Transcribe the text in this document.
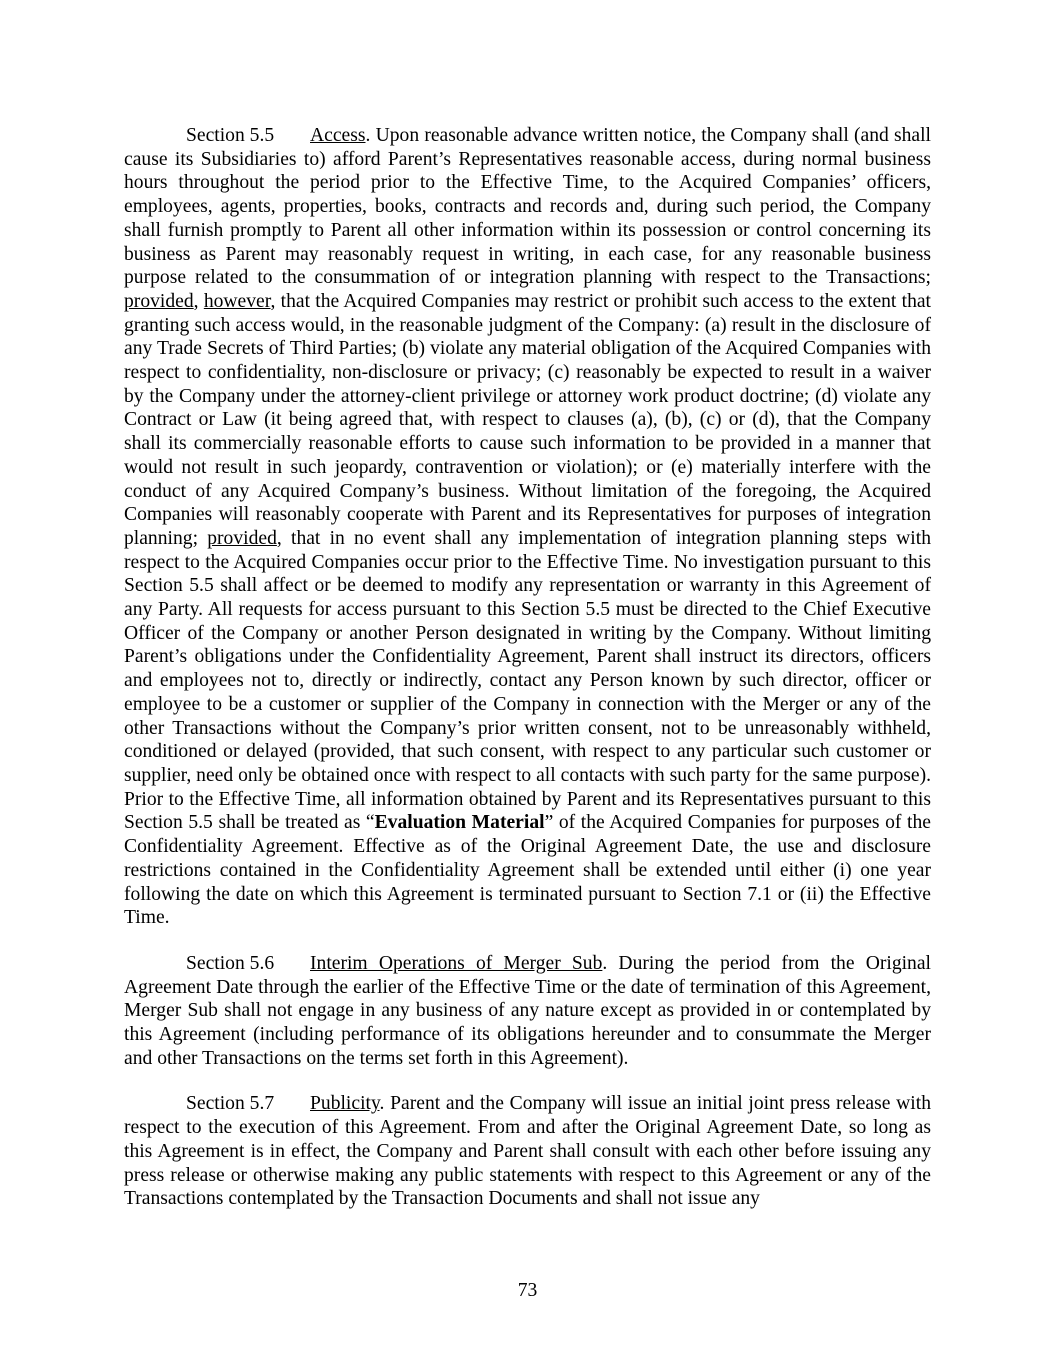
Section 5.5 Access. Upon reasonable advance written notice, the Company shall (and shall cause its Subsidiaries to) afford Parent’s Representatives reasonable access, during normal business hours throughout the period prior to the Effective Time, to the Acquired Companies’ officers, employees, agents, properties, books, contracts and records and, during such period, the Company shall furnish promptly to Parent all other information within its possession or control concerning its business as Parent may reasonably request in writing, in each case, for any reasonable business purpose related to the consummation of or integration planning with respect to the Transactions; provided, however, that the Acquired Companies may restrict or prohibit such access to the extent that granting such access would, in the reasonable judgment of the Company: (a) result in the disclosure of any Trade Secrets of Third Parties; (b) violate any material obligation of the Acquired Companies with respect to confidentiality, non-disclosure or privacy; (c) reasonably be expected to result in a waiver by the Company under the attorney-client privilege or attorney work product doctrine; (d) violate any Contract or Law (it being agreed that, with respect to clauses (a), (b), (c) or (d), that the Company shall its commercially reasonable efforts to cause such information to be provided in a manner that would not result in such jeopardy, contravention or violation); or (e) materially interfere with the conduct of any Acquired Company’s business. Without limitation of the foregoing, the Acquired Companies will reasonably cooperate with Parent and its Representatives for purposes of integration planning; provided, that in no event shall any implementation of integration planning steps with respect to the Acquired Companies occur prior to the Effective Time. No investigation pursuant to this Section 5.5 shall affect or be deemed to modify any representation or warranty in this Agreement of any Party. All requests for access pursuant to this Section 5.5 must be directed to the Chief Executive Officer of the Company or another Person designated in writing by the Company. Without limiting Parent’s obligations under the Confidentiality Agreement, Parent shall instruct its directors, officers and employees not to, directly or indirectly, contact any Person known by such director, officer or employee to be a customer or supplier of the Company in connection with the Merger or any of the other Transactions without the Company’s prior written consent, not to be unreasonably withheld, conditioned or delayed (provided, that such consent, with respect to any particular such customer or supplier, need only be obtained once with respect to all contacts with such party for the same purpose). Prior to the Effective Time, all information obtained by Parent and its Representatives pursuant to this Section 5.5 shall be treated as “Evaluation Material” of the Acquired Companies for purposes of the Confidentiality Agreement. Effective as of the Original Agreement Date, the use and disclosure restrictions contained in the Confidentiality Agreement shall be extended until either (i) one year following the date on which this Agreement is terminated pursuant to Section 7.1 or (ii) the Effective Time.

Section 5.6 Interim Operations of Merger Sub. During the period from the Original Agreement Date through the earlier of the Effective Time or the date of termination of this Agreement, Merger Sub shall not engage in any business of any nature except as provided in or contemplated by this Agreement (including performance of its obligations hereunder and to consummate the Merger and other Transactions on the terms set forth in this Agreement).

Section 5.7 Publicity. Parent and the Company will issue an initial joint press release with respect to the execution of this Agreement. From and after the Original Agreement Date, so long as this Agreement is in effect, the Company and Parent shall consult with each other before issuing any press release or otherwise making any public statements with respect to this Agreement or any of the Transactions contemplated by the Transaction Documents and shall not issue any

73
